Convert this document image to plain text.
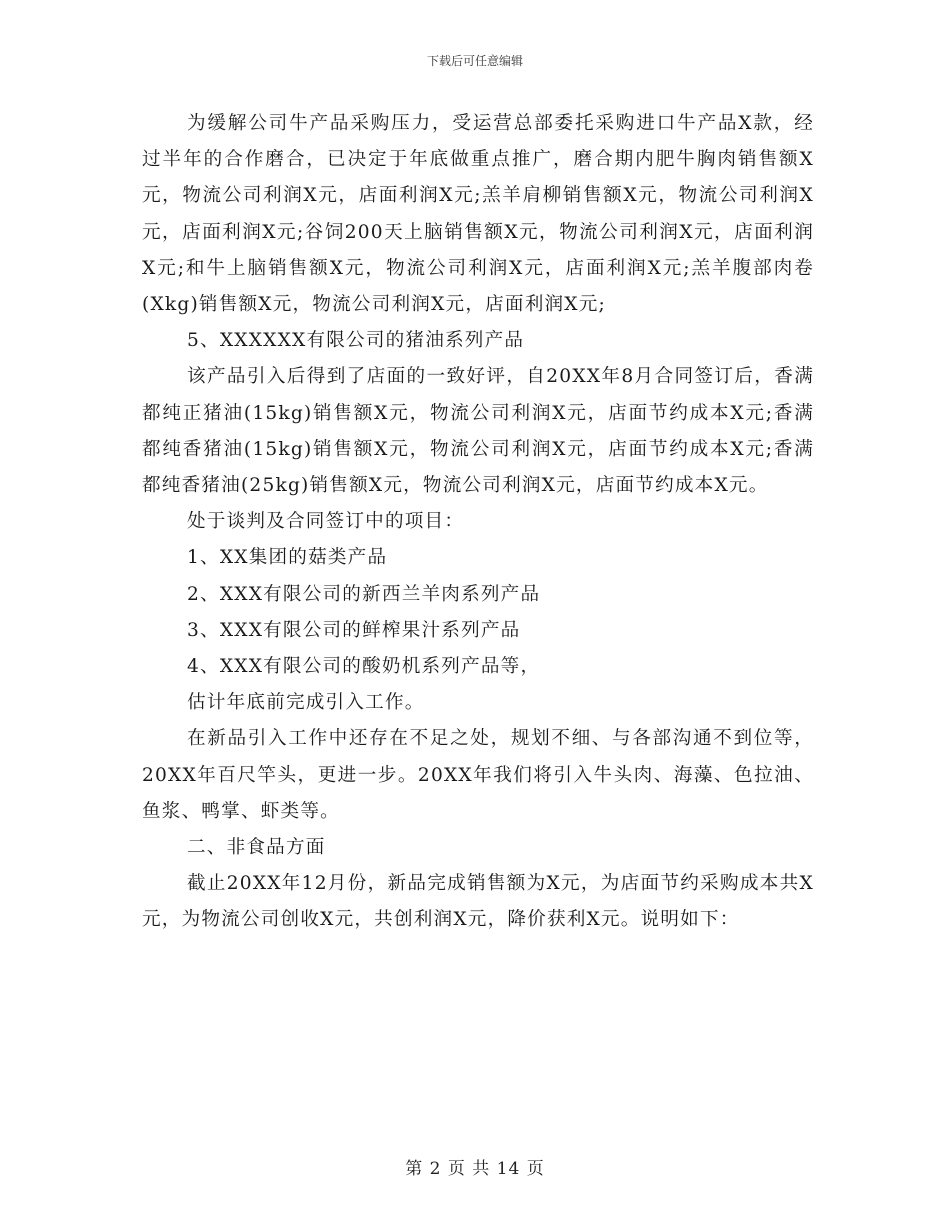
下载后可任意编辑

为缓解公司牛产品采购压力，受运营总部委托采购进口牛产品X款，经过半年的合作磨合，已决定于年底做重点推广，磨合期内肥牛胸肉销售额X元，物流公司利润X元，店面利润X元;羔羊肩柳销售额X元，物流公司利润X元，店面利润X元;谷饲200天上脑销售额X元，物流公司利润X元，店面利润X元;和牛上脑销售额X元，物流公司利润X元，店面利润X元;羔羊腹部肉卷(Xkg)销售额X元，物流公司利润X元，店面利润X元;

5、XXXXXX有限公司的猪油系列产品

该产品引入后得到了店面的一致好评，自20XX年8月合同签订后，香满都纯正猪油(15kg)销售额X元，物流公司利润X元，店面节约成本X元;香满都纯香猪油(15kg)销售额X元，物流公司利润X元，店面节约成本X元;香满都纯香猪油(25kg)销售额X元，物流公司利润X元，店面节约成本X元。

处于谈判及合同签订中的项目：

1、XX集团的菇类产品

2、XXX有限公司的新西兰羊肉系列产品

3、XXX有限公司的鲜榨果汁系列产品

4、XXX有限公司的酸奶机系列产品等，

估计年底前完成引入工作。

在新品引入工作中还存在不足之处，规划不细、与各部沟通不到位等，20XX年百尺竿头，更进一步。20XX年我们将引入牛头肉、海藻、色拉油、鱼浆、鸭掌、虾类等。

二、非食品方面

截止20XX年12月份，新品完成销售额为X元，为店面节约采购成本共X元，为物流公司创收X元，共创利润X元，降价获利X元。说明如下：

第 2 页 共 14 页
